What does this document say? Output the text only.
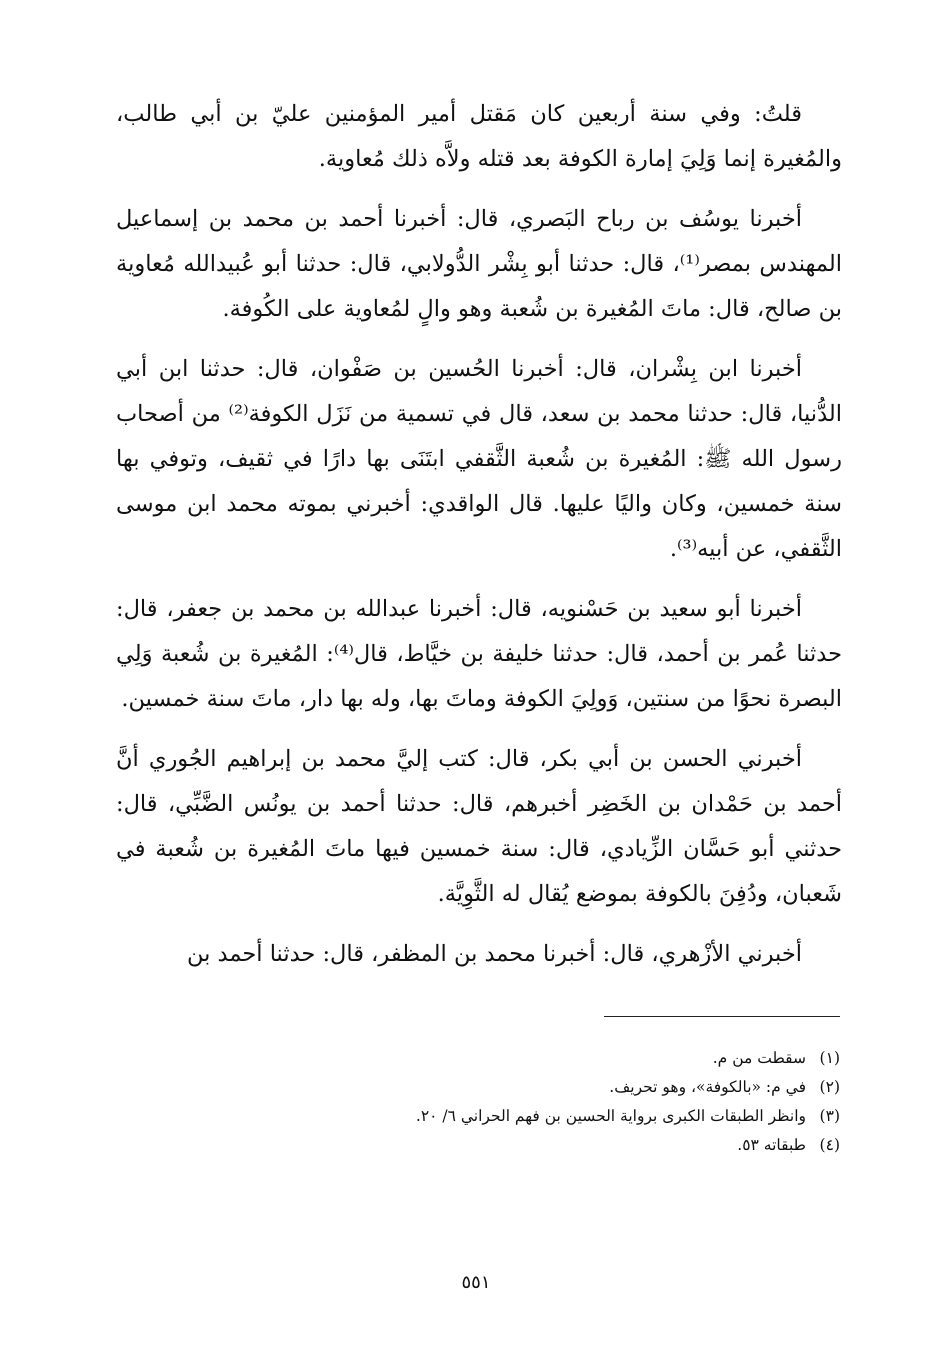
قلتُ: وفي سنة أربعين كان مَقتل أمير المؤمنين عليّ بن أبي طالب، والمُغيرة إنما وَلِيَ إمارة الكوفة بعد قتله ولاَّه ذلك مُعاوية.

أخبرنا يوسُف بن رباح البَصري، قال: أخبرنا أحمد بن محمد بن إسماعيل المهندس بمصر⁽¹⁾، قال: حدثنا أبو بِشْر الدُّولابي، قال: حدثنا أبو عُبيدالله مُعاوية بن صالح، قال: ماتَ المُغيرة بن شُعبة وهو والٍ لمُعاوية على الكُوفة.

أخبرنا ابن بِشْران، قال: أخبرنا الحُسين بن صَفْوان، قال: حدثنا ابن أبي الدُّنيا، قال: حدثنا محمد بن سعد، قال في تسمية من نَزَل الكوفة⁽²⁾ من أصحاب رسول الله ﷺ: المُغيرة بن شُعبة الثَّقفي ابتَنَى بها دارًا في ثقيف، وتوفي بها سنة خمسين، وكان واليًا عليها. قال الواقدي: أخبرني بموته محمد ابن موسى الثَّقفي، عن أبيه⁽³⁾.

أخبرنا أبو سعيد بن حَسْنويه، قال: أخبرنا عبدالله بن محمد بن جعفر، قال: حدثنا عُمر بن أحمد، قال: حدثنا خليفة بن خيَّاط، قال⁽⁴⁾: المُغيرة بن شُعبة وَلِي البصرة نحوًا من سنتين، وَولِيَ الكوفة وماتَ بها، وله بها دار، ماتَ سنة خمسين.

أخبرني الحسن بن أبي بكر، قال: كتب إليَّ محمد بن إبراهيم الجُوري أنَّ أحمد بن حَمْدان بن الخَضِر أخبرهم، قال: حدثنا أحمد بن يونُس الضَّبِّي، قال: حدثني أبو حَسَّان الزِّيادي، قال: سنة خمسين فيها ماتَ المُغيرة بن شُعبة في شَعبان، ودُفِنَ بالكوفة بموضع يُقال له الثَّوِيَّة.

أخبرني الأزْهري، قال: أخبرنا محمد بن المظفر، قال: حدثنا أحمد بن

(١)سقطت من م.
(٢)في م: «بالكوفة»، وهو تحريف.
(٣)وانظر الطبقات الكبرى برواية الحسين بن فهم الحراني ٦/ ٢٠.
(٤)طبقاته ٥٣.
٥٥١
